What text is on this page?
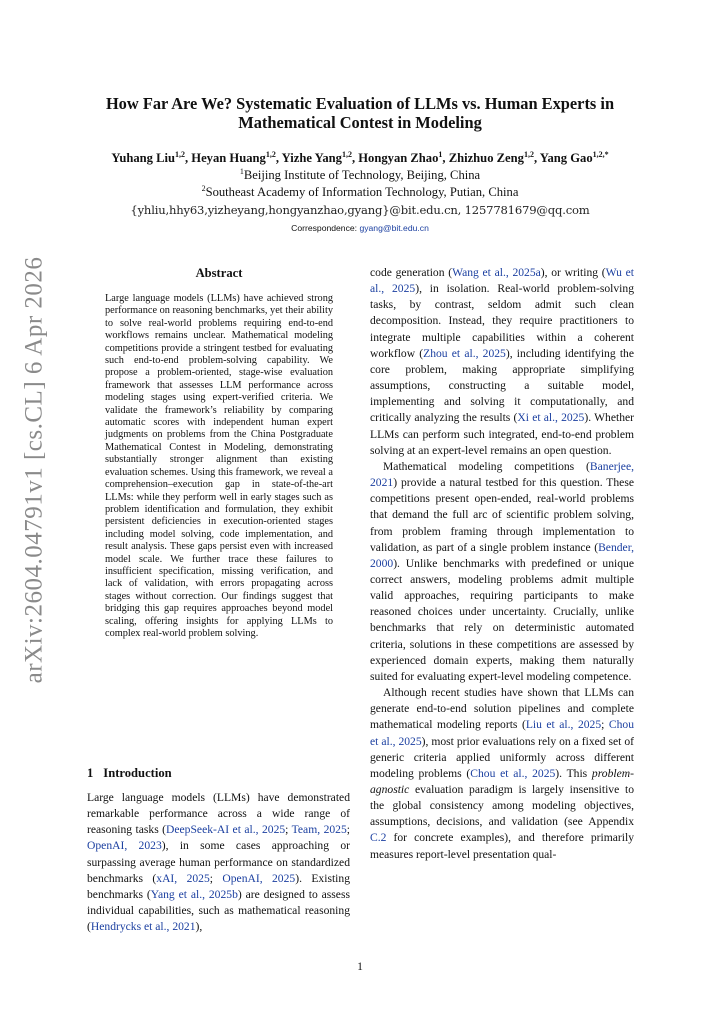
arXiv:2604.04791v1 [cs.CL] 6 Apr 2026
How Far Are We? Systematic Evaluation of LLMs vs. Human Experts in
Mathematical Contest in Modeling
Yuhang Liu$^{1,2}$, Heyan Huang$^{1,2}$, Yizhe Yang$^{1,2}$, Hongyan Zhao$^1$, Zhizhuo Zeng$^{1,2}$, Yang Gao$^{1,2,*}$
$^1$Beijing Institute of Technology, Beijing, China
$^2$Southeast Academy of Information Technology, Putian, China
{yhliu,hhy63,yizheyang,hongyanzhao,gyang}@bit.edu.cn, 1257781679@qq.com
Correspondence: gyang@bit.edu.cn
Abstract
Large language models (LLMs) have achieved strong performance on reasoning benchmarks, yet their ability to solve real-world problems requiring end-to-end workflows remains unclear. Mathematical modeling competitions provide a stringent testbed for evaluating such end-to-end problem-solving capability. We propose a problem-oriented, stage-wise evaluation framework that assesses LLM performance across modeling stages using expert-verified criteria. We validate the framework’s reliability by comparing automatic scores with independent human expert judgments on problems from the China Postgraduate Mathematical Contest in Modeling, demonstrating substantially stronger alignment than existing evaluation schemes. Using this framework, we reveal a comprehension–execution gap in state-of-the-art LLMs: while they perform well in early stages such as problem identification and formulation, they exhibit persistent deficiencies in execution-oriented stages including model solving, code implementation, and result analysis. These gaps persist even with increased model scale. We further trace these failures to insufficient specification, missing verification, and lack of validation, with errors propagating across stages without correction. Our findings suggest that bridging this gap requires approaches beyond model scaling, offering insights for applying LLMs to complex real-world problem solving.
1 Introduction

Large language models (LLMs) have demonstrated remarkable performance across a wide range of reasoning tasks (DeepSeek-AI et al., 2025; Team, 2025; OpenAI, 2023), in some cases approaching or surpassing average human performance on standardized benchmarks (xAI, 2025; OpenAI, 2025). Existing benchmarks (Yang et al., 2025b) are designed to assess individual capabilities, such as mathematical reasoning (Hendrycks et al., 2021),

code generation (Wang et al., 2025a), or writing (Wu et al., 2025), in isolation. Real-world problem-solving tasks, by contrast, seldom admit such clean decomposition. Instead, they require practitioners to integrate multiple capabilities within a coherent workflow (Zhou et al., 2025), including identifying the core problem, making appropriate simplifying assumptions, constructing a suitable model, implementing and solving it computationally, and critically analyzing the results (Xi et al., 2025). Whether LLMs can perform such integrated, end-to-end problem solving at an expert-level remains an open question.

Mathematical modeling competitions (Banerjee, 2021) provide a natural testbed for this question. These competitions present open-ended, real-world problems that demand the full arc of scientific problem solving, from problem framing through implementation to validation, as part of a single problem instance (Bender, 2000). Unlike benchmarks with predefined or unique correct answers, modeling problems admit multiple valid approaches, requiring participants to make reasoned choices under uncertainty. Crucially, unlike benchmarks that rely on deterministic automated criteria, solutions in these competitions are assessed by experienced domain experts, making them naturally suited for evaluating expert-level modeling competence.

Although recent studies have shown that LLMs can generate end-to-end solution pipelines and complete mathematical modeling reports (Liu et al., 2025; Chou et al., 2025), most prior evaluations rely on a fixed set of generic criteria applied uniformly across different modeling problems (Chou et al., 2025). This problem-agnostic evaluation paradigm is largely insensitive to the global consistency among modeling objectives, assumptions, decisions, and validation (see Appendix C.2 for concrete examples), and therefore primarily measures report-level presentation qual-

1
